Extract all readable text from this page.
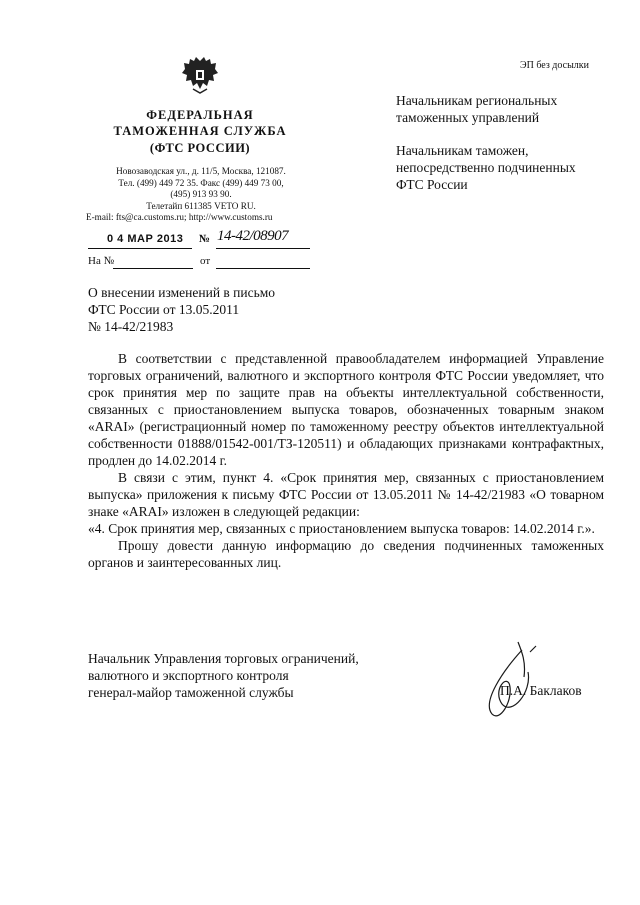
ЭП без досылки
ФЕДЕРАЛЬНАЯ
ТАМОЖЕННАЯ СЛУЖБА
(ФТС РОССИИ)
Новозаводская ул., д. 11/5, Москва, 121087.
Тел. (499) 449 72 35. Факс (499) 449 73 00,
(495) 913 93 90.
Телетайп 611385 VETO RU.
E-mail: fts@ca.customs.ru; http://www.customs.ru
0 4 МАР 2013 № 14-42/08907
На №	от
Начальникам региональных таможенных управлений
Начальникам таможен, непосредственно подчиненных ФТС России
О внесении изменений в письмо
ФТС России от 13.05.2011
№ 14-42/21983

В соответствии с представленной правообладателем информацией Управление торговых ограничений, валютного и экспортного контроля ФТС России уведомляет, что срок принятия мер по защите прав на объекты интеллектуальной собственности, связанных с приостановлением выпуска товаров, обозначенных товарным знаком «ARAI» (регистрационный номер по таможенному реестру объектов интеллектуальной собственности 01888/01542-001/ТЗ-120511) и обладающих признаками контрафактных, продлен до 14.02.2014 г.

В связи с этим, пункт 4. «Срок принятия мер, связанных с приостановлением выпуска» приложения к письму ФТС России от 13.05.2011 № 14-42/21983 «О товарном знаке «ARAI» изложен в следующей редакции:

«4. Срок принятия мер, связанных с приостановлением выпуска товаров: 14.02.2014 г.».

Прошу довести данную информацию до сведения подчиненных таможенных органов и заинтересованных лиц.

Начальник Управления торговых ограничений,
валютного и экспортного контроля
генерал-майор таможенной службы	П.А. Баклаков
